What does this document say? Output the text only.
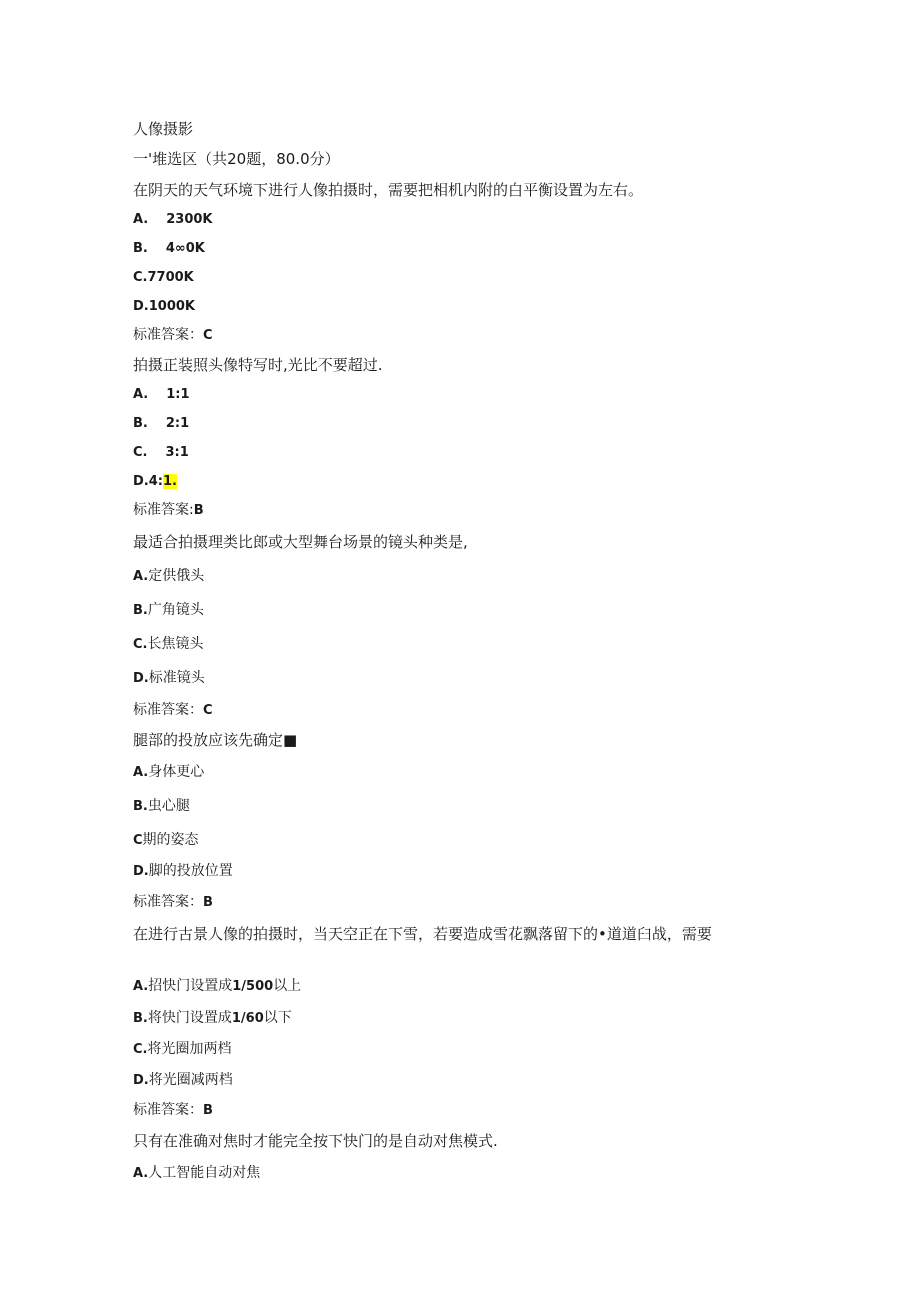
人像摄影
一'堆选区（共20题，80.0分）
在阴天的天气环境下进行人像拍摄时，需要把相机内附的白平衡设置为左右。
A. 2300K
B. 4∞0K
C.7700K
D.1000K
标准答案：C
拍摄正装照头像特写时,光比不要超过.
A. 1:1
B. 2:1
C. 3:1
D.4:1.
标准答案:B
最适合拍摄理类比郎或大型舞台场景的镜头种类是,
A.定供俄头
B.广角镜头
C.长焦镜头
D.标准镜头
标准答案：C
腿部的投放应该先确定■
A.身体更心
B.虫心腿
C期的姿态
D.脚的投放位置
标准答案：B
在进行古景人像的拍摄时，当天空正在下雪，若要造成雪花飘落留下的•道道臼战，需要
A.招快门设置成1/500以上
B.将快门设置成1/60以下
C.将光圈加两档
D.将光圈减两档
标准答案：B
只有在准确对焦时才能完全按下快门的是自动对焦模式.
A.人工智能自动对焦
